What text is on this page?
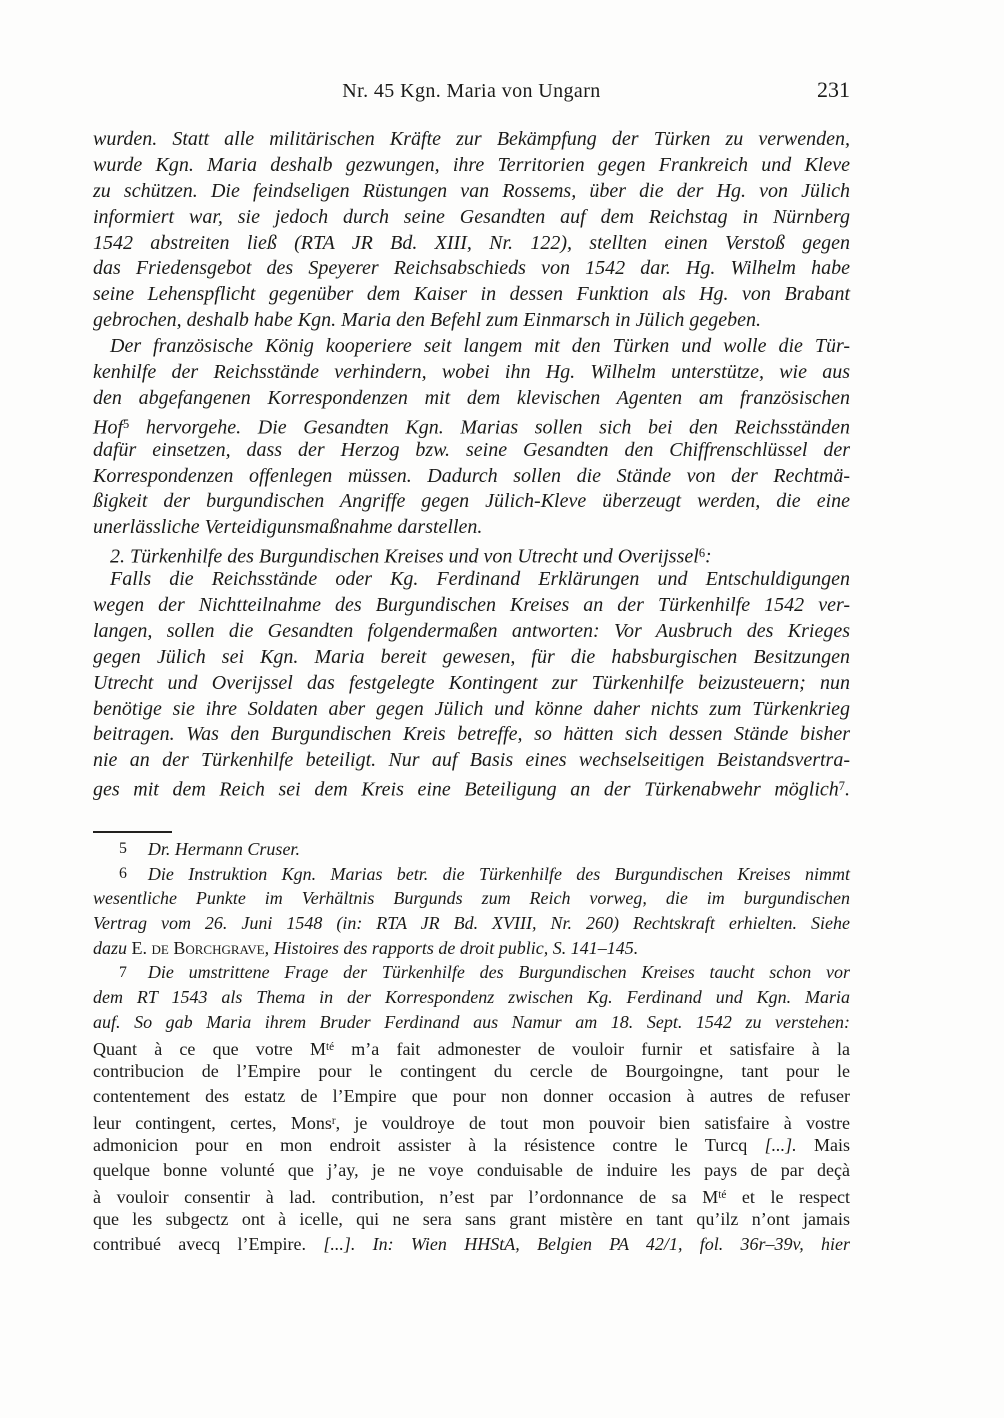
Nr. 45 Kgn. Maria von Ungarn	231
wurden. Statt alle militärischen Kräfte zur Bekämpfung der Türken zu verwenden,
wurde Kgn. Maria deshalb gezwungen, ihre Territorien gegen Frankreich und Kleve
zu schützen. Die feindseligen Rüstungen van Rossems, über die der Hg. von Jülich
informiert war, sie jedoch durch seine Gesandten auf dem Reichstag in Nürnberg
1542 abstreiten ließ (RTA JR Bd. XIII, Nr. 122), stellten einen Verstoß gegen
das Friedensgebot des Speyerer Reichsabschieds von 1542 dar. Hg. Wilhelm habe
seine Lehenspflicht gegenüber dem Kaiser in dessen Funktion als Hg. von Brabant
gebrochen, deshalb habe Kgn. Maria den Befehl zum Einmarsch in Jülich gegeben.
Der französische König kooperiere seit langem mit den Türken und wolle die Tür-
kenhilfe der Reichsstände verhindern, wobei ihn Hg. Wilhelm unterstütze, wie aus
den abgefangenen Korrespondenzen mit dem klevischen Agenten am französischen
Hof$^5$ hervorgehe. Die Gesandten Kgn. Marias sollen sich bei den Reichsständen
dafür einsetzen, dass der Herzog bzw. seine Gesandten den Chiffrenschlüssel der
Korrespondenzen offenlegen müssen. Dadurch sollen die Stände von der Rechtmä-
ßigkeit der burgundischen Angriffe gegen Jülich-Kleve überzeugt werden, die eine
unerlässliche Verteidigunsmaßnahme darstellen.
2. Türkenhilfe des Burgundischen Kreises und von Utrecht und Overijssel$^6$:
Falls die Reichsstände oder Kg. Ferdinand Erklärungen und Entschuldigungen
wegen der Nichtteilnahme des Burgundischen Kreises an der Türkenhilfe 1542 ver-
langen, sollen die Gesandten folgendermaßen antworten: Vor Ausbruch des Krieges
gegen Jülich sei Kgn. Maria bereit gewesen, für die habsburgischen Besitzungen
Utrecht und Overijssel das festgelegte Kontingent zur Türkenhilfe beizusteuern; nun
benötige sie ihre Soldaten aber gegen Jülich und könne daher nichts zum Türkenkrieg
beitragen. Was den Burgundischen Kreis betreffe, so hätten sich dessen Stände bisher
nie an der Türkenhilfe beteiligt. Nur auf Basis eines wechselseitigen Beistandsvertra-
ges mit dem Reich sei dem Kreis eine Beteiligung an der Türkenabwehr möglich$^7$.
5 Dr. Hermann Cruser.
6 Die Instruktion Kgn. Marias betr. die Türkenhilfe des Burgundischen Kreises nimmt
wesentliche Punkte im Verhältnis Burgunds zum Reich vorweg, die im burgundischen
Vertrag vom 26. Juni 1548 (in: RTA JR Bd. XVIII, Nr. 260) Rechtskraft erhielten. Siehe
dazu E. de Borchgrave, Histoires des rapports de droit public, S. 141–145.
7 Die umstrittene Frage der Türkenhilfe des Burgundischen Kreises taucht schon vor
dem RT 1543 als Thema in der Korrespondenz zwischen Kg. Ferdinand und Kgn. Maria
auf. So gab Maria ihrem Bruder Ferdinand aus Namur am 18. Sept. 1542 zu verstehen:
Quant à ce que votre $M^{té}$ m’a fait admonester de vouloir furnir et satisfaire à la
contribucion de l’Empire pour le contingent du cercle de Bourgoingne, tant pour le
contentement des estatz de l’Empire que pour non donner occasion à autres de refuser
leur contingent, certes, Mons$^r$, je vouldroye de tout mon pouvoir bien satisfaire à vostre
admonicion pour en mon endroit assister à la résistence contre le Turcq [...]. Mais
quelque bonne volunté que j’ay, je ne voye conduisable de induire les pays de par deçà
à vouloir consentir à lad. contribution, n’est par l’ordonnance de sa $M^{té}$ et le respect
que les subgectz ont à icelle, qui ne sera sans grant mistère en tant qu’ilz n’ont jamais
contribué avecq l’Empire. [...]. In: Wien HHStA, Belgien PA 42/1, fol. 36r–39v, hier
